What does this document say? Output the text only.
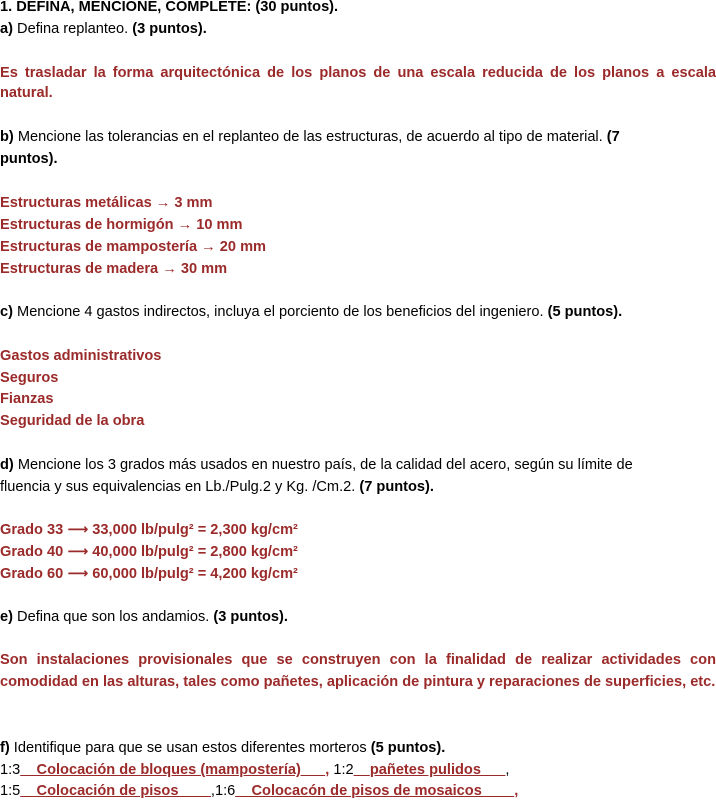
1. DEFINA, MENCIONE, COMPLETE: (30 puntos).
a) Defina replanteo. (3 puntos).
Es trasladar la forma arquitectónica de los planos de una escala reducida de los planos a escala natural.
b) Mencione las tolerancias en el replanteo de las estructuras, de acuerdo al tipo de material. (7
puntos).
Estructuras metálicas → 3 mm
Estructuras de hormigón → 10 mm
Estructuras de mampostería → 20 mm
Estructuras de madera → 30 mm
c) Mencione 4 gastos indirectos, incluya el porciento de los beneficios del ingeniero. (5 puntos).
Gastos administrativos
Seguros
Fianzas
Seguridad de la obra
d) Mencione los 3 grados más usados en nuestro país, de la calidad del acero, según su límite de
fluencia y sus equivalencias en Lb./Pulg.2 y Kg. /Cm.2. (7 puntos).
Grado 33 ⟶ 33,000 lb/pulg² = 2,300 kg/cm²
Grado 40 ⟶ 40,000 lb/pulg² = 2,800 kg/cm²
Grado 60 ⟶ 60,000 lb/pulg² = 4,200 kg/cm²
e) Defina que son los andamios. (3 puntos).
Son instalaciones provisionales que se construyen con la finalidad de realizar actividades con comodidad en las alturas, tales como pañetes, aplicación de pintura y reparaciones de superficies, etc.
f) Identifique para que se usan estos diferentes morteros (5 puntos).
1:3__Colocación de bloques (mampostería)___, 1:2__pañetes pulidos___,
1:5__Colocación de pisos____,1:6__Colocacón de pisos de mosaicos____,
